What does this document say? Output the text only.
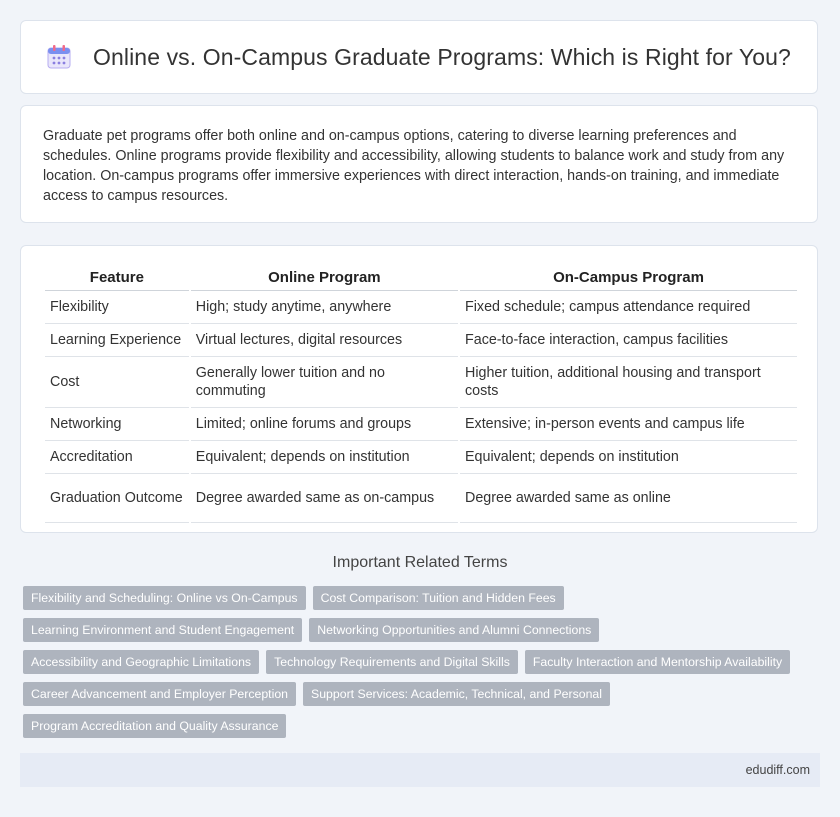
Online vs. On-Campus Graduate Programs: Which is Right for You?

Graduate pet programs offer both online and on-campus options, catering to diverse learning preferences and schedules. Online programs provide flexibility and accessibility, allowing students to balance work and study from any location. On-campus programs offer immersive experiences with direct interaction, hands-on training, and immediate access to campus resources.

Feature	Online Program	On-Campus Program
Flexibility	High; study anytime, anywhere	Fixed schedule; campus attendance required
Learning Experience	Virtual lectures, digital resources	Face-to-face interaction, campus facilities
Cost	Generally lower tuition and no commuting	Higher tuition, additional housing and transport costs
Networking	Limited; online forums and groups	Extensive; in-person events and campus life
Accreditation	Equivalent; depends on institution	Equivalent; depends on institution
Graduation Outcome	Degree awarded same as on-campus	Degree awarded same as online
Important Related Terms
Flexibility and Scheduling: Online vs On-Campus	Cost Comparison: Tuition and Hidden Fees
Learning Environment and Student Engagement	Networking Opportunities and Alumni Connections
Accessibility and Geographic Limitations	Technology Requirements and Digital Skills	Faculty Interaction and Mentorship Availability
Career Advancement and Employer Perception	Support Services: Academic, Technical, and Personal
Program Accreditation and Quality Assurance
edudiff.com
